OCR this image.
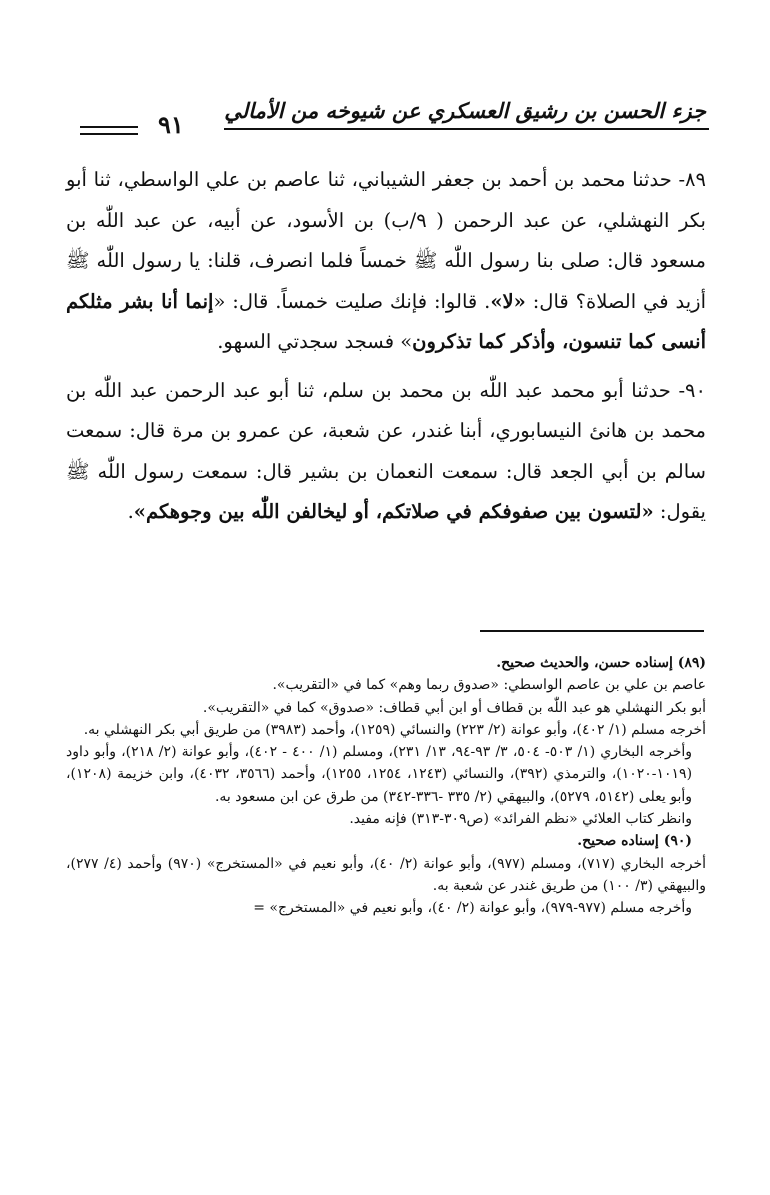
جزء الحسن بن رشيق العسكري عن شيوخه من الأمالي
٩١

٨٩- حدثنا محمد بن أحمد بن جعفر الشيباني، ثنا عاصم بن علي الواسطي، ثنا أبو بكر النهشلي، عن عبد الرحمن ( ٩/ب) بن الأسود، عن أبيه، عن عبد اللّٰه بن مسعود قال: صلى بنا رسول اللّٰه ﷺ خمساً فلما انصرف، قلنا: يا رسول اللّٰه ﷺ أزيد في الصلاة؟ قال: «لا». قالوا: فإنك صليت خمساً. قال: «إنما أنا بشر مثلكم أنسى كما تنسون، وأذكر كما تذكرون» فسجد سجدتي السهو.

٩٠- حدثنا أبو محمد عبد اللّٰه بن محمد بن سلم، ثنا أبو عبد الرحمن عبد اللّٰه بن محمد بن هانئ النيسابوري، أبنا غندر، عن شعبة، عن عمرو بن مرة قال: سمعت سالم بن أبي الجعد قال: سمعت النعمان بن بشير قال: سمعت رسول اللّٰه ﷺ يقول: «لتسون بين صفوفكم في صلاتكم، أو ليخالفن اللّٰه بين وجوهكم».

(٨٩) إسناده حسن، والحديث صحيح.

عاصم بن علي بن عاصم الواسطي: «صدوق ربما وهم» كما في «التقريب».

أبو بكر النهشلي هو عبد اللّٰه بن قطاف أو ابن أبي قطاف: «صدوق» كما في «التقريب».

أخرجه مسلم (١/ ٤٠٢)، وأبو عوانة (٢/ ٢٢٣) والنسائي (١٢٥٩)، وأحمد (٣٩٨٣) من طريق أبي بكر النهشلي به.

وأخرجه البخاري (١/ ٥٠٣- ٥٠٤، ٣/ ٩٣-٩٤، ١٣/ ٢٣١)، ومسلم (١/ ٤٠٠ - ٤٠٢)، وأبو عوانة (٢/ ٢١٨)، وأبو داود (١٠١٩-١٠٢٠)، والترمذي (٣٩٢)، والنسائي (١٢٤٣، ١٢٥٤، ١٢٥٥)، وأحمد (٣٥٦٦، ٤٠٣٢)، وابن خزيمة (١٢٠٨)، وأبو يعلى (٥١٤٢، ٥٢٧٩)، والبيهقي (٢/ ٣٣٥ -٣٣٦-٣٤٢) من طرق عن ابن مسعود به.

وانظر كتاب العلائي «نظم الفرائد» (ص٣٠٩-٣١٣) فإنه مفيد.

(٩٠) إسناده صحيح.

أخرجه البخاري (٧١٧)، ومسلم (٩٧٧)، وأبو عوانة (٢/ ٤٠)، وأبو نعيم في «المستخرج» (٩٧٠) وأحمد (٤/ ٢٧٧)، والبيهقي (٣/ ١٠٠) من طريق غندر عن شعبة به.

وأخرجه مسلم (٩٧٧-٩٧٩)، وأبو عوانة (٢/ ٤٠)، وأبو نعيم في «المستخرج» =
